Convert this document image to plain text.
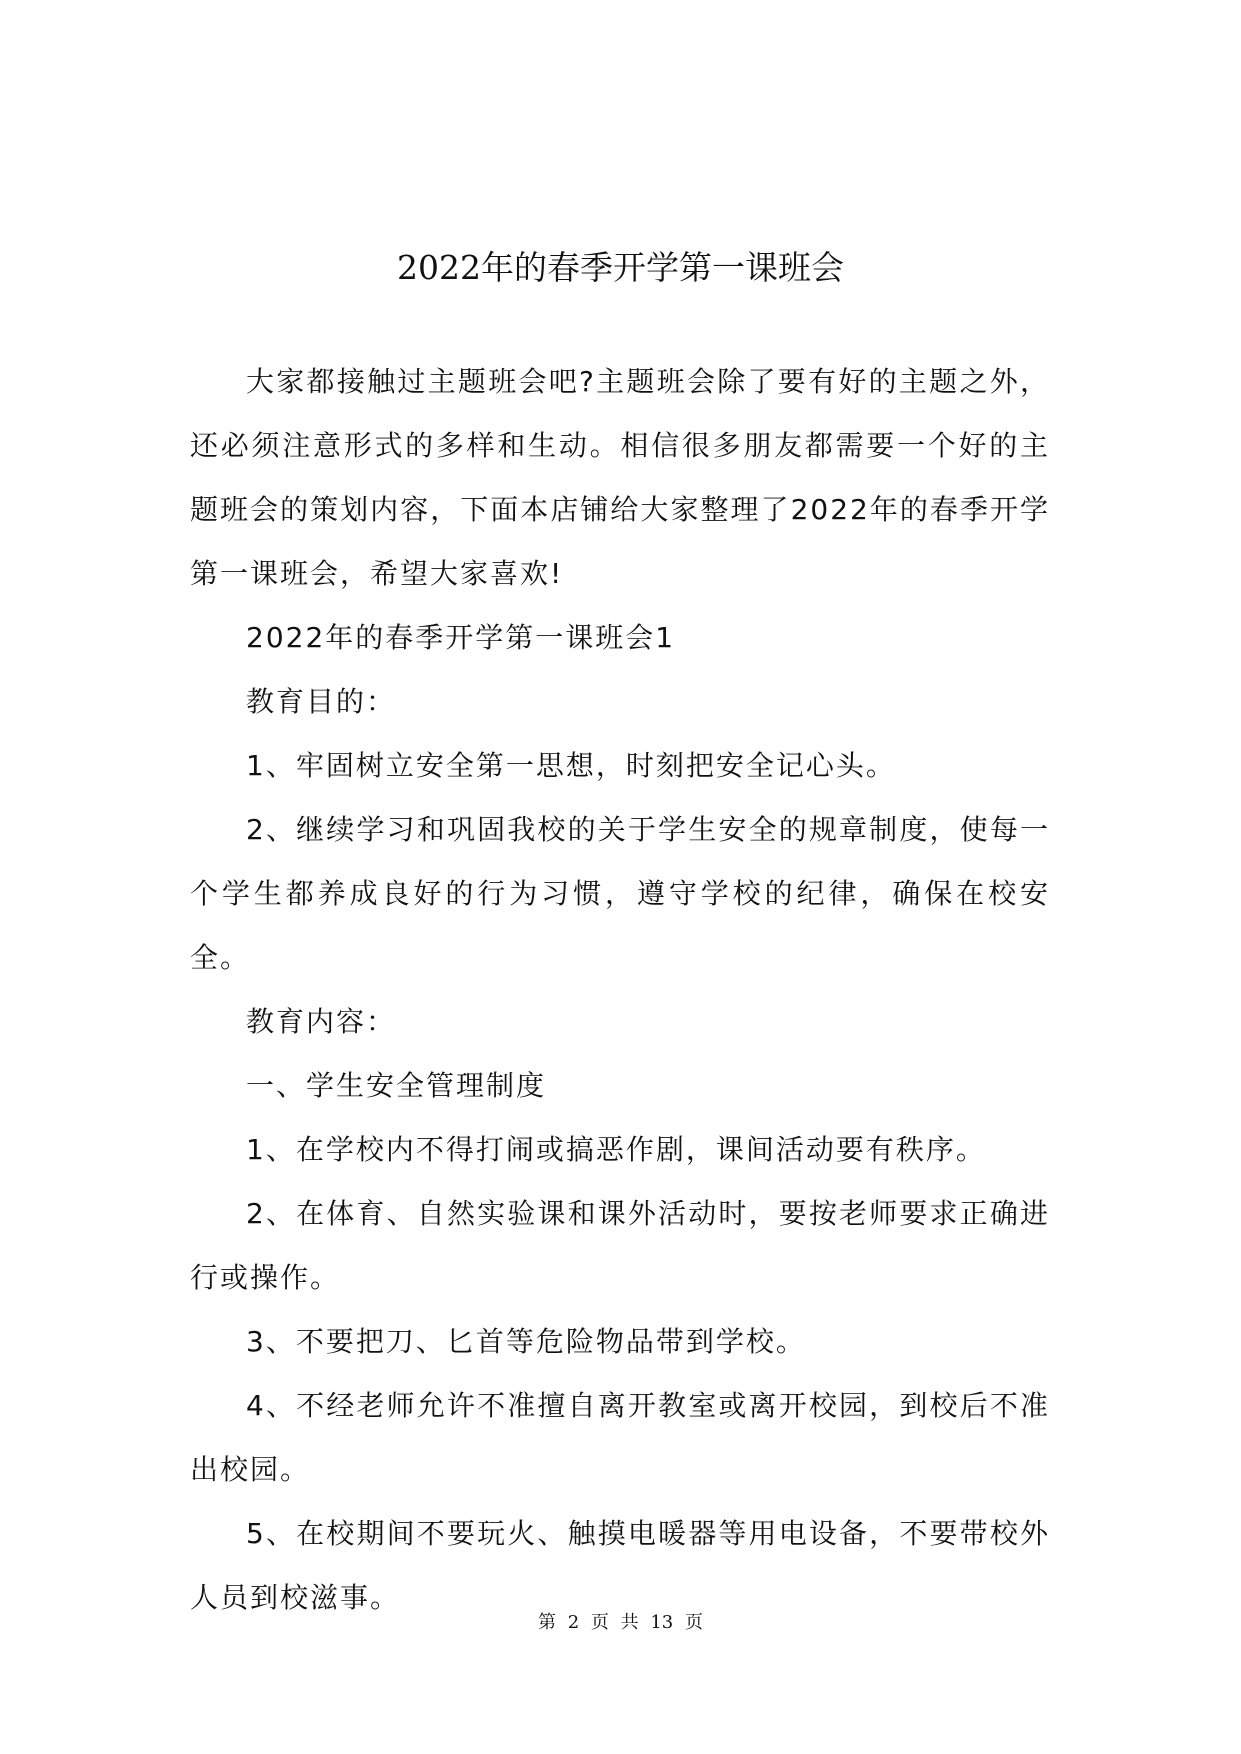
2022年的春季开学第一课班会

大家都接触过主题班会吧?主题班会除了要有好的主题之外，还必须注意形式的多样和生动。相信很多朋友都需要一个好的主题班会的策划内容，下面本店铺给大家整理了2022年的春季开学第一课班会，希望大家喜欢!

2022年的春季开学第一课班会1

教育目的：

1、牢固树立安全第一思想，时刻把安全记心头。

2、继续学习和巩固我校的关于学生安全的规章制度，使每一个学生都养成良好的行为习惯，遵守学校的纪律，确保在校安全。

教育内容：

一、学生安全管理制度

1、在学校内不得打闹或搞恶作剧，课间活动要有秩序。

2、在体育、自然实验课和课外活动时，要按老师要求正确进行或操作。

3、不要把刀、匕首等危险物品带到学校。

4、不经老师允许不准擅自离开教室或离开校园，到校后不准出校园。

5、在校期间不要玩火、触摸电暖器等用电设备，不要带校外人员到校滋事。

第 2 页 共 13 页
